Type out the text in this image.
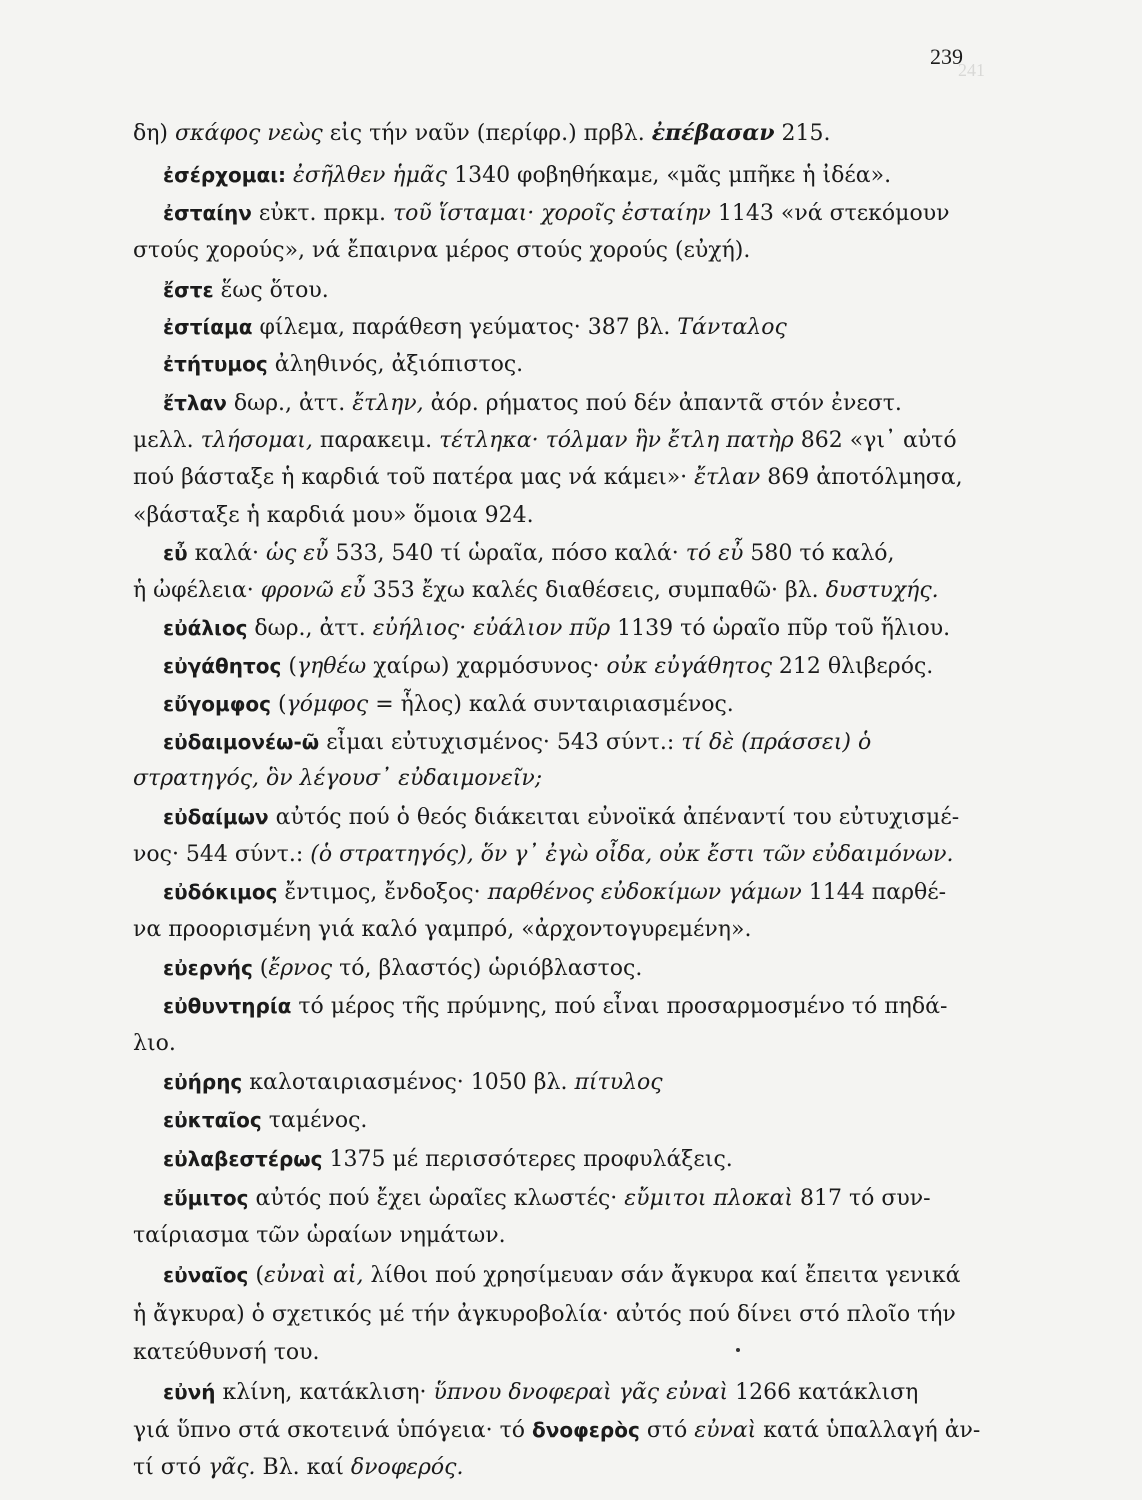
239
241
δη) σκάφος νεὼς εἰς τήν ναῦν (περίφρ.) πρβλ. ἐπέβασαν 215.
ἐσέρχομαι: ἐσῆλθεν ἡμᾶς 1340 φοβηθήκαμε, «μᾶς μπῆκε ἡ ἰδέα».
ἐσταίην εὐκτ. πρκμ. τοῦ ἵσταμαι· χοροῖς ἐσταίην 1143 «νά στεκόμουν
στούς χορούς», νά ἔπαιρνα μέρος στούς χορούς (εὐχή).
ἔστε ἕως ὅτου.
ἐστίαμα φίλεμα, παράθεση γεύματος· 387 βλ. Τάνταλος
ἐτήτυμος ἀληθινός, ἀξιόπιστος.
ἔτλαν δωρ., ἀττ. ἔτλην, ἀόρ. ρήματος πού δέν ἀπαντᾶ στόν ἐνεστ.
μελλ. τλήσομαι, παρακειμ. τέτληκα· τόλμαν ἣν ἔτλη πατὴρ 862 «γι᾽ αὐτό
πού βάσταξε ἡ καρδιά τοῦ πατέρα μας νά κάμει»· ἔτλαν 869 ἀποτόλμησα,
«βάσταξε ἡ καρδιά μου» ὅμοια 924.
εὖ καλά· ὡς εὖ 533, 540 τί ὡραῖα, πόσο καλά· τό εὖ 580 τό καλό,
ἡ ὠφέλεια· φρονῶ εὖ 353 ἔχω καλές διαθέσεις, συμπαθῶ· βλ. δυστυχής.
εὐάλιος δωρ., ἀττ. εὐήλιος· εὐάλιον πῦρ 1139 τό ὡραῖο πῦρ τοῦ ἥλιου.
εὐγάθητος (γηθέω χαίρω) χαρμόσυνος· οὐκ εὐγάθητος 212 θλιβερός.
εὔγομφος (γόμφος = ἧλος) καλά συνταιριασμένος.
εὐδαιμονέω-ῶ εἶμαι εὐτυχισμένος· 543 σύντ.: τί δὲ (πράσσει) ὁ
στρατηγός, ὃν λέγουσ᾽ εὐδαιμονεῖν;
εὐδαίμων αὐτός πού ὁ θεός διάκειται εὐνοϊκά ἀπέναντί του εὐτυχισμέ-
νος· 544 σύντ.: (ὁ στρατηγός), ὅν γ᾽ ἐγὼ οἶδα, οὐκ ἔστι τῶν εὐδαιμόνων.
εὐδόκιμος ἔντιμος, ἔνδοξος· παρθένος εὐδοκίμων γάμων 1144 παρθέ-
να προορισμένη γιά καλό γαμπρό, «ἀρχοντογυρεμένη».
εὐερνής (ἔρνος τό, βλαστός) ὡριόβλαστος.
εὐθυντηρία τό μέρος τῆς πρύμνης, πού εἶναι προσαρμοσμένο τό πηδά-
λιο.
εὐήρης καλοταιριασμένος· 1050 βλ. πίτυλος
εὐκταῖος ταμένος.
εὐλαβεστέρως 1375 μέ περισσότερες προφυλάξεις.
εὔμιτος αὐτός πού ἔχει ὡραῖες κλωστές· εὔμιτοι πλοκαὶ 817 τό συν-
ταίριασμα τῶν ὡραίων νημάτων.
εὐναῖος (εὐναὶ αἱ, λίθοι πού χρησίμευαν σάν ἄγκυρα καί ἔπειτα γενικά
ἡ ἄγκυρα) ὁ σχετικός μέ τήν ἀγκυροβολία· αὐτός πού δίνει στό πλοῖο τήν
κατεύθυνσή του.
εὐνή κλίνη, κατάκλιση· ὕπνου δνοφεραὶ γᾶς εὐναὶ 1266 κατάκλιση
γιά ὕπνο στά σκοτεινά ὑπόγεια· τό δνοφερὸς στό εὐναὶ κατά ὑπαλλαγή ἀν-
τί στό γᾶς. Βλ. καί δνοφερός.
